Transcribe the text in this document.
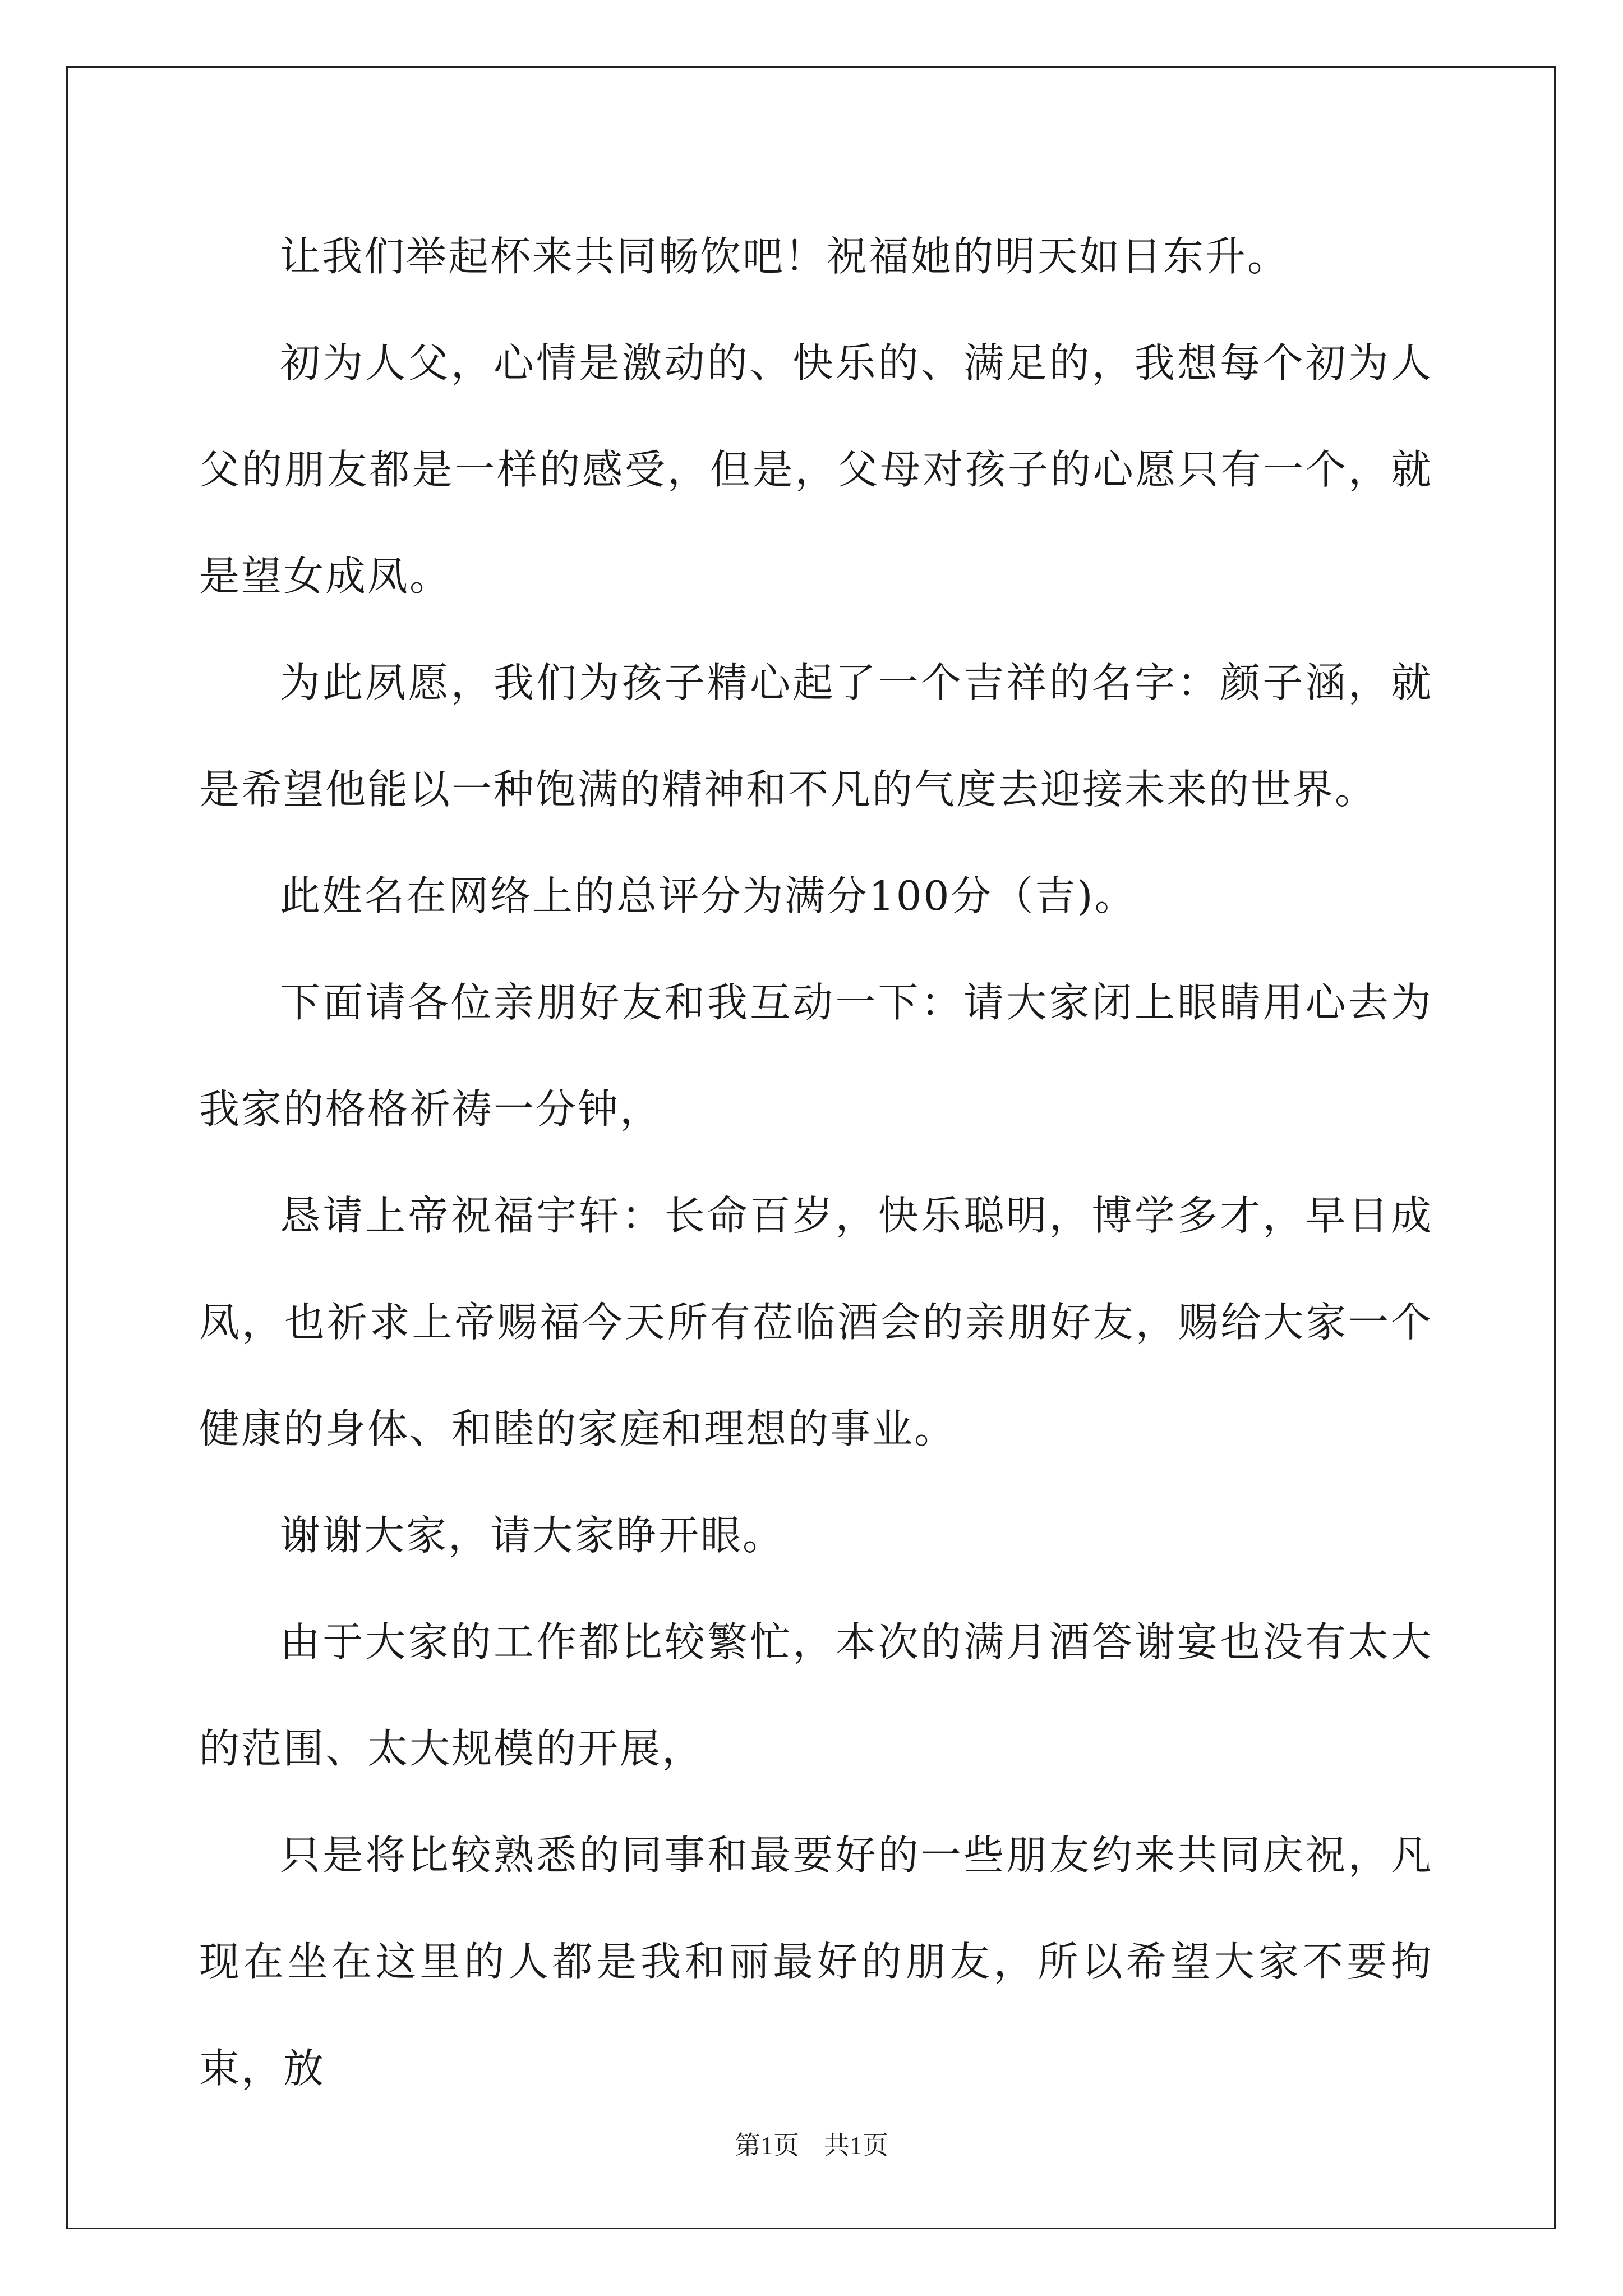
让我们举起杯来共同畅饮吧！祝福她的明天如日东升。

初为人父，心情是激动的、快乐的、满足的，我想每个初为人父的朋友都是一样的感受，但是，父母对孩子的心愿只有一个，就是望女成凤。

为此夙愿，我们为孩子精心起了一个吉祥的名字：颜子涵，就是希望他能以一种饱满的精神和不凡的气度去迎接未来的世界。

此姓名在网络上的总评分为满分100分（吉)。

下面请各位亲朋好友和我互动一下：请大家闭上眼睛用心去为我家的格格祈祷一分钟，

恳请上帝祝福宇轩：长命百岁，快乐聪明，博学多才，早日成凤，也祈求上帝赐福今天所有莅临酒会的亲朋好友，赐给大家一个健康的身体、和睦的家庭和理想的事业。

谢谢大家，请大家睁开眼。

由于大家的工作都比较繁忙，本次的满月酒答谢宴也没有太大的范围、太大规模的开展，

只是将比较熟悉的同事和最要好的一些朋友约来共同庆祝，凡现在坐在这里的人都是我和丽最好的朋友，所以希望大家不要拘束，放

第1页 共1页
